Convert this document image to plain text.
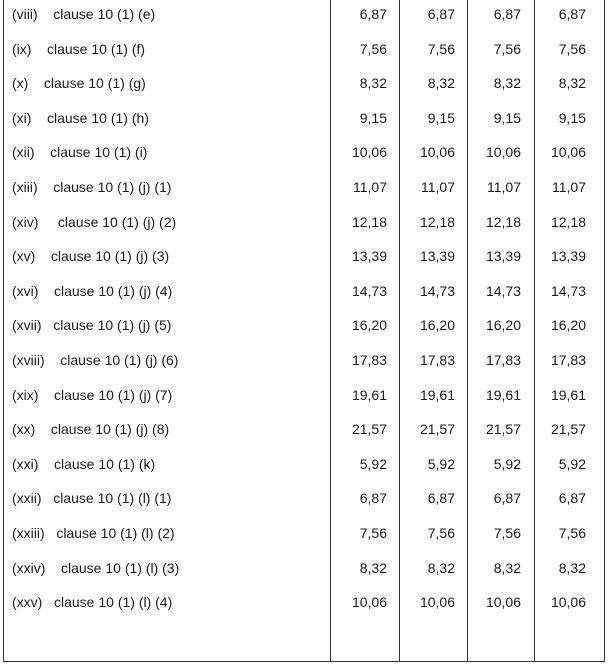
(viii)    clause 10 (1) (e)	6,87	6,87	6,87	6,87
(ix)    clause 10 (1) (f)	7,56	7,56	7,56	7,56
(x)    clause 10 (1) (g)	8,32	8,32	8,32	8,32
(xi)    clause 10 (1) (h)	9,15	9,15	9,15	9,15
(xii)    clause 10 (1) (i)	10,06	10,06	10,06	10,06
(xiii)    clause 10 (1) (j) (1)	11,07	11,07	11,07	11,07
(xiv)     clause 10 (1) (j) (2)	12,18	12,18	12,18	12,18
(xv)    clause 10 (1) (j) (3)	13,39	13,39	13,39	13,39
(xvi)    clause 10 (1) (j) (4)	14,73	14,73	14,73	14,73
(xvii)   clause 10 (1) (j) (5)	16,20	16,20	16,20	16,20
(xviii)    clause 10 (1) (j) (6)	17,83	17,83	17,83	17,83
(xix)    clause 10 (1) (j) (7)	19,61	19,61	19,61	19,61
(xx)    clause 10 (1) (j) (8)	21,57	21,57	21,57	21,57
(xxi)    clause 10 (1) (k)	5,92	5,92	5,92	5,92
(xxii)   clause 10 (1) (l) (1)	6,87	6,87	6,87	6,87
(xxiii)   clause 10 (1) (l) (2)	7,56	7,56	7,56	7,56
(xxiv)    clause 10 (1) (l) (3)	8,32	8,32	8,32	8,32
(xxv)   clause 10 (1) (l) (4)	10,06	10,06	10,06	10,06
